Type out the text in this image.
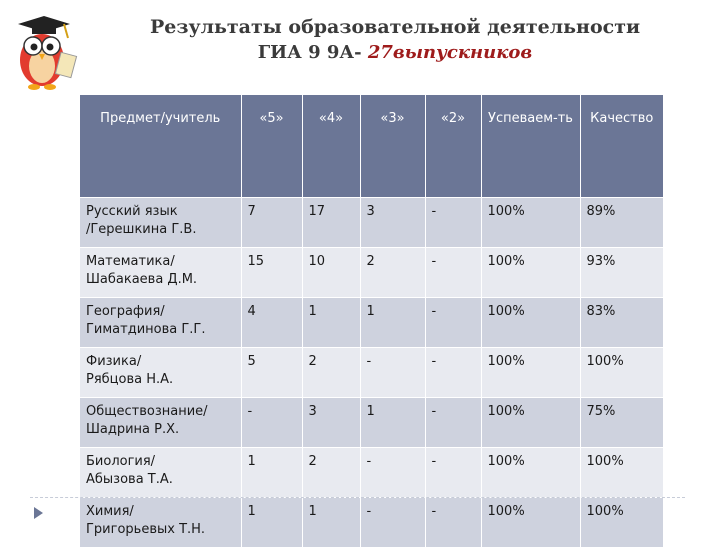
Результаты образовательной деятельности
ГИА 9 9А- 27выпускников
Предмет/учитель	«5»	«4»	«3»	«2»	Успеваем-ть	Качество
Русский язык
/Герешкина Г.В.	7	17	3	-	100%	89%
Математика/
Шабакаева Д.М.	15	10	2	-	100%	93%
География/
Гиматдинова Г.Г.	4	1	1	-	100%	83%
Физика/
Рябцова Н.А.	5	2	-	-	100%	100%
Обществознание/
Шадрина Р.Х.	-	3	1	-	100%	75%
Биология/
Абызова Т.А.	1	2	-	-	100%	100%
Химия/
Григорьевых Т.Н.	1	1	-	-	100%	100%
